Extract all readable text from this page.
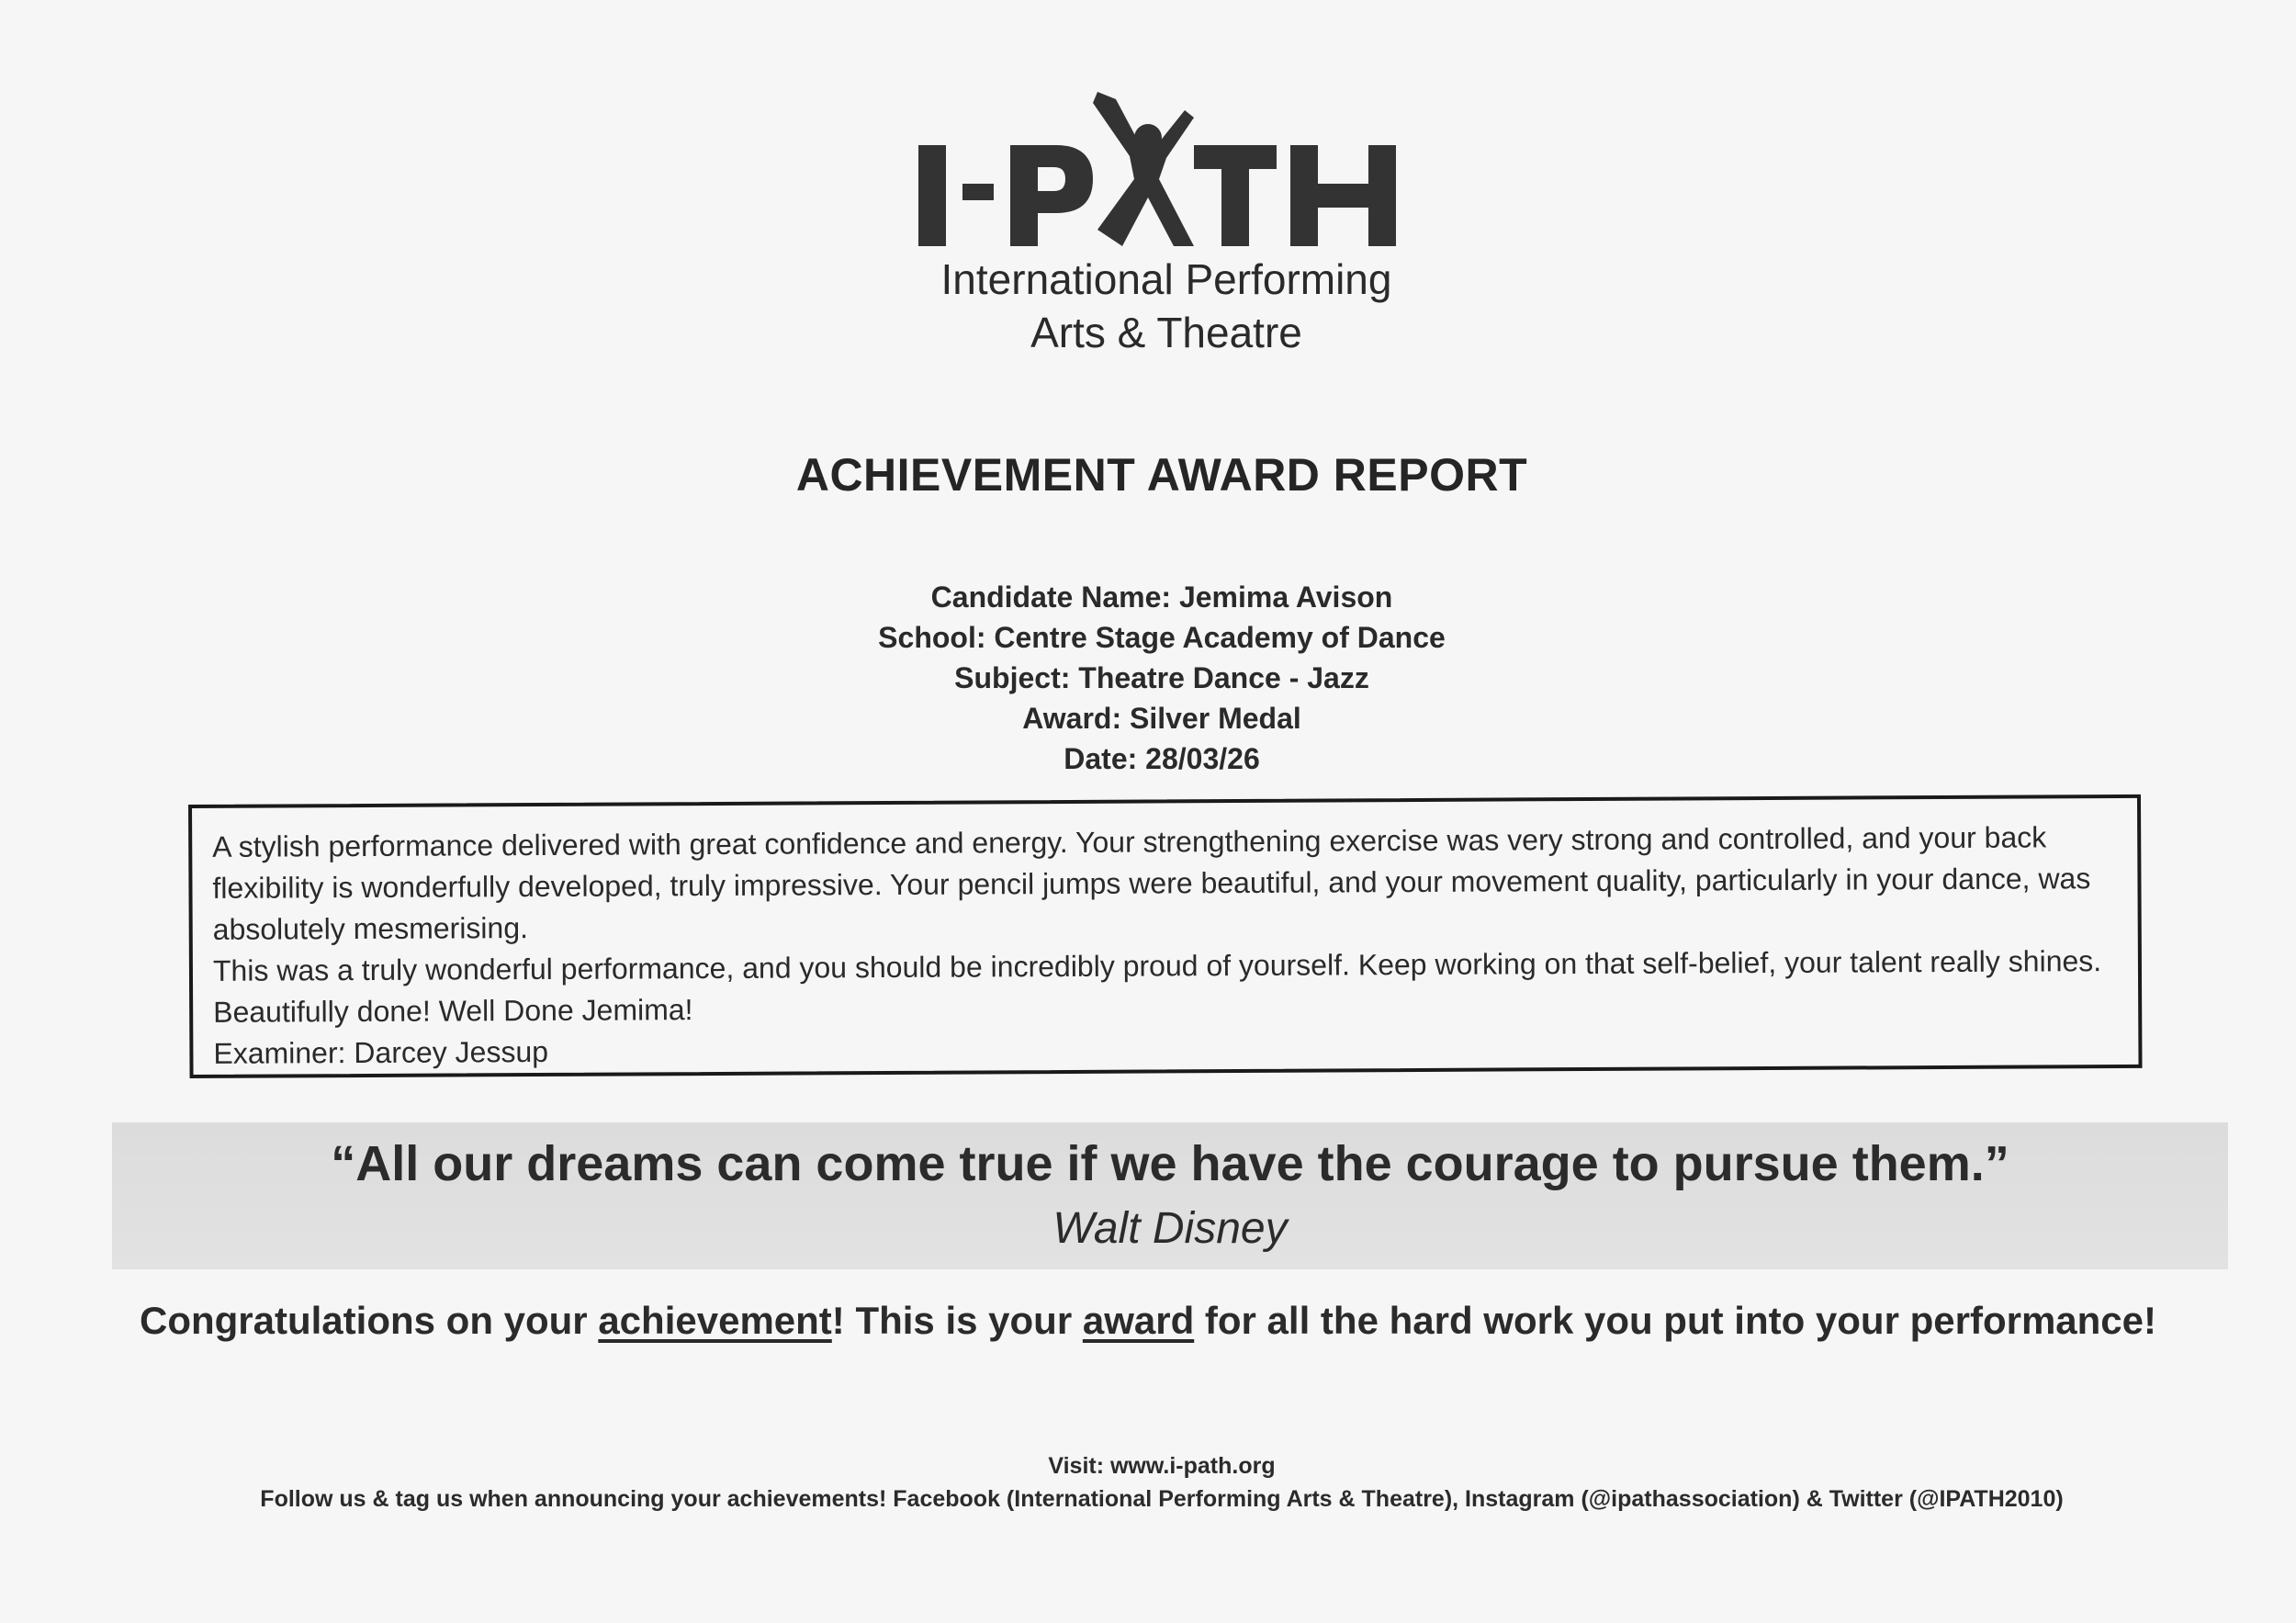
International Performing
Arts & Theatre
ACHIEVEMENT AWARD REPORT
Candidate Name: Jemima Avison
School: Centre Stage Academy of Dance
Subject: Theatre Dance - Jazz
Award: Silver Medal
Date: 28/03/26

A stylish performance delivered with great confidence and energy. Your strengthening exercise was very strong and controlled, and your back flexibility is wonderfully developed, truly impressive. Your pencil jumps were beautiful, and your movement quality, particularly in your dance, was absolutely mesmerising.

This was a truly wonderful performance, and you should be incredibly proud of yourself. Keep working on that self-belief, your talent really shines. Beautifully done! Well Done Jemima!

Examiner: Darcey Jessup

“All our dreams can come true if we have the courage to pursue them.”
Walt Disney
Congratulations on your achievement! This is your award for all the hard work you put into your performance!
Visit: www.i-path.org
Follow us & tag us when announcing your achievements! Facebook (International Performing Arts & Theatre), Instagram (@ipathassociation) & Twitter (@IPATH2010)
